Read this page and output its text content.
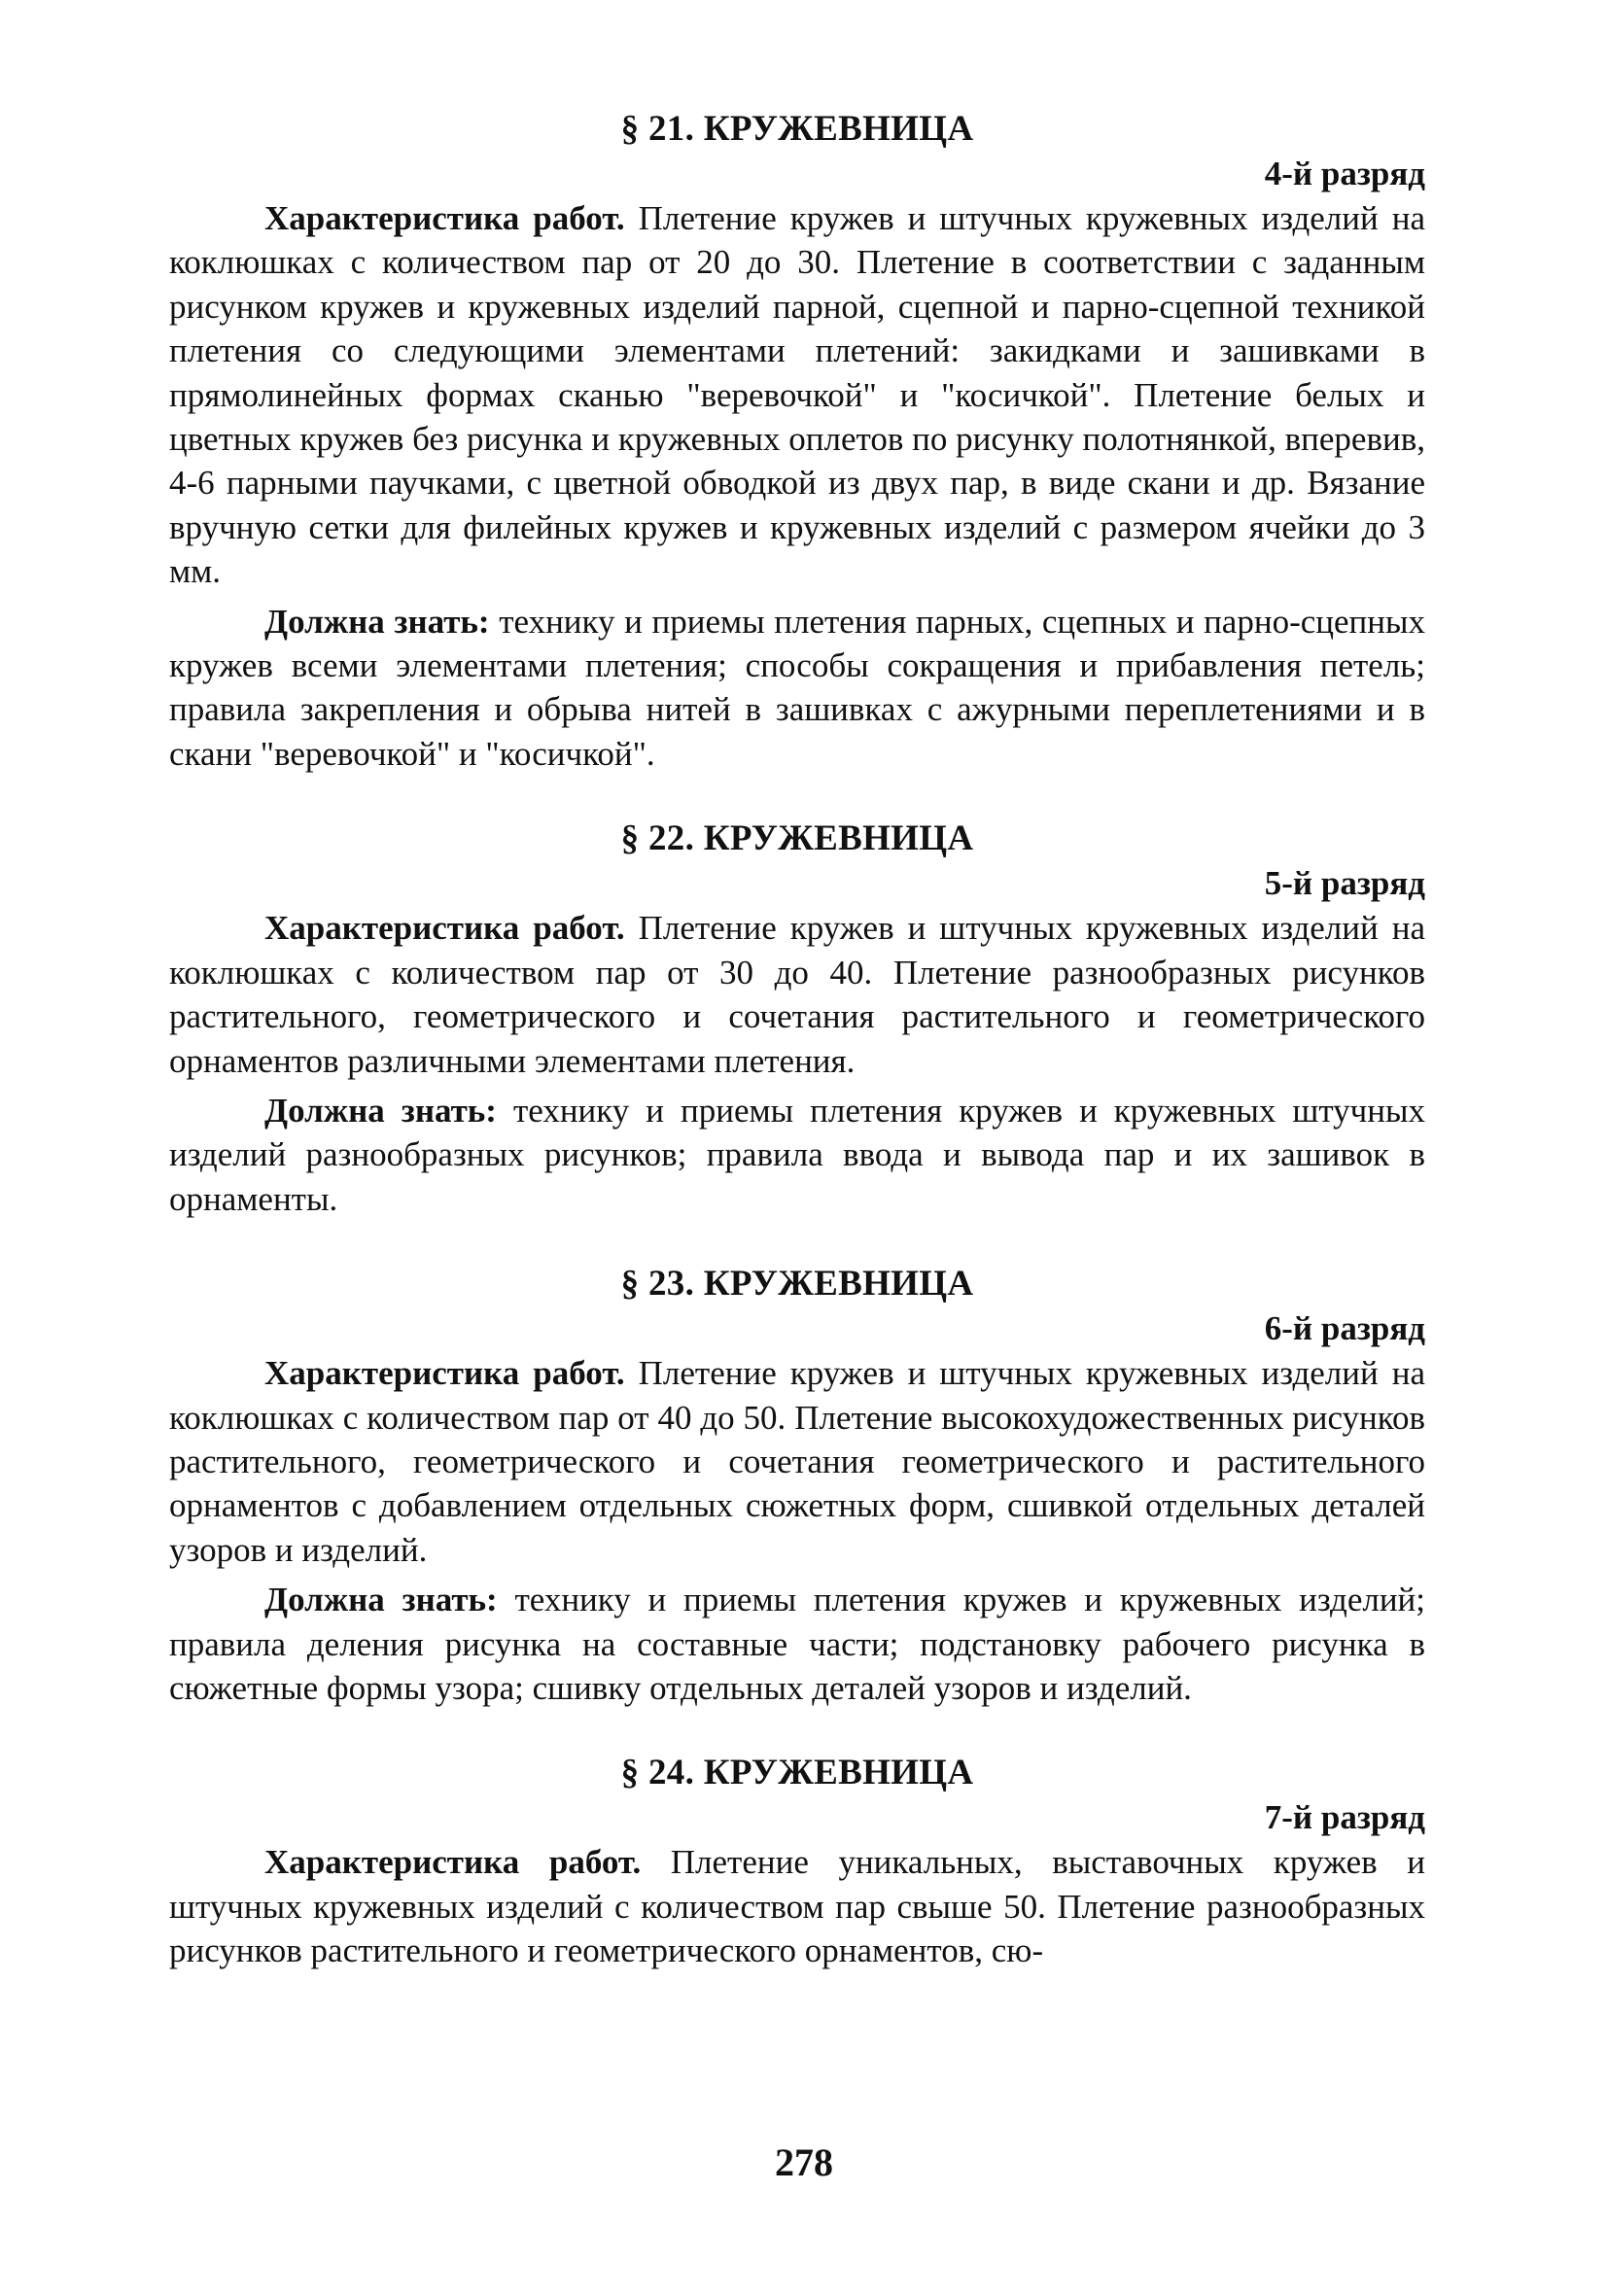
§ 21. КРУЖЕВНИЦА

4-й разряд

Характеристика работ. Плетение кружев и штучных кружевных изделий на коклюшках с количеством пар от 20 до 30. Плетение в соответствии с заданным рисунком кружев и кружевных изделий парной, сцепной и парно-сцепной техникой плетения со следующими элементами плетений: закидками и зашивками в прямолинейных формах сканью "веревочкой" и "косичкой". Плетение белых и цветных кружев без рисунка и кружевных оплетов по рисунку полотнянкой, вперевив, 4-6 парными паучками, с цветной обводкой из двух пар, в виде скани и др. Вязание вручную сетки для филейных кружев и кружевных изделий с размером ячейки до 3 мм.

Должна знать: технику и приемы плетения парных, сцепных и парно-сцепных кружев всеми элементами плетения; способы сокращения и прибавления петель; правила закрепления и обрыва нитей в зашивках с ажурными переплетениями и в скани "веревочкой" и "косичкой".

§ 22. КРУЖЕВНИЦА

5-й разряд

Характеристика работ. Плетение кружев и штучных кружевных изделий на коклюшках с количеством пар от 30 до 40. Плетение разнообразных рисунков растительного, геометрического и сочетания растительного и геометрического орнаментов различными элементами плетения.

Должна знать: технику и приемы плетения кружев и кружевных штучных изделий разнообразных рисунков; правила ввода и вывода пар и их зашивок в орнаменты.

§ 23. КРУЖЕВНИЦА

6-й разряд

Характеристика работ. Плетение кружев и штучных кружевных изделий на коклюшках с количеством пар от 40 до 50. Плетение высокохудожественных рисунков растительного, геометрического и сочетания геометрического и растительного орнаментов с добавлением отдельных сюжетных форм, сшивкой отдельных деталей узоров и изделий.

Должна знать: технику и приемы плетения кружев и кружевных изделий; правила деления рисунка на составные части; подстановку рабочего рисунка в сюжетные формы узора; сшивку отдельных деталей узоров и изделий.

§ 24. КРУЖЕВНИЦА

7-й разряд

Характеристика работ. Плетение уникальных, выставочных кружев и штучных кружевных изделий с количеством пар свыше 50. Плетение разнообразных рисунков растительного и геометрического орнаментов, сю-

278
